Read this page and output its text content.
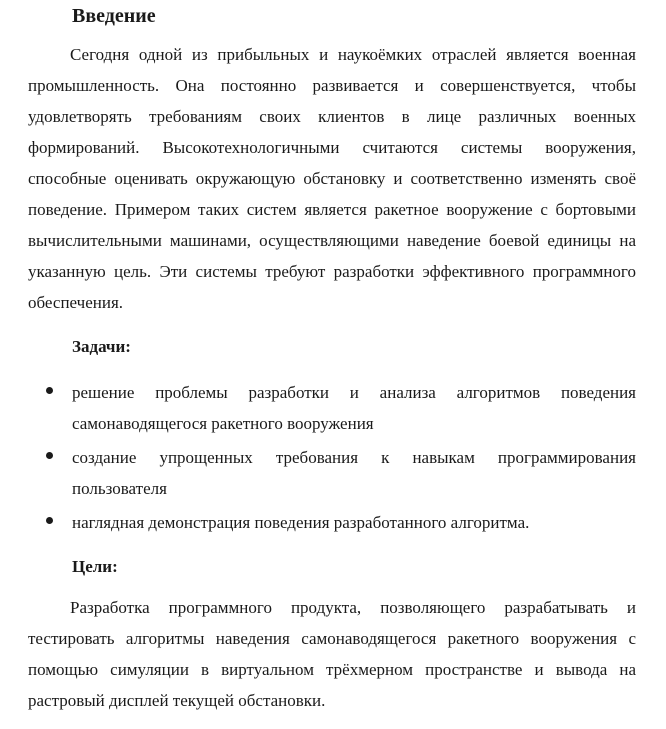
Введение

Сегодня одной из прибыльных и наукоёмких отраслей является военная промышленность. Она постоянно развивается и совершенствуется, чтобы удовлетворять требованиям своих клиентов в лице различных военных формирований. Высокотехнологичными считаются системы вооружения, способные оценивать окружающую обстановку и соответственно изменять своё поведение. Примером таких систем является ракетное вооружение с бортовыми вычислительными машинами, осуществляющими наведение боевой единицы на указанную цель. Эти системы требуют разработки эффективного программного обеспечения.

Задачи:
решение проблемы разработки и анализа алгоритмов поведения самонаводящегося ракетного вооружения
создание упрощенных требования к навыкам программирования пользователя
наглядная демонстрация поведения разработанного алгоритма.
Цели:

Разработка программного продукта, позволяющего разрабатывать и тестировать алгоритмы наведения самонаводящегося ракетного вооружения с помощью симуляции в виртуальном трёхмерном пространстве и вывода на растровый дисплей текущей обстановки.
